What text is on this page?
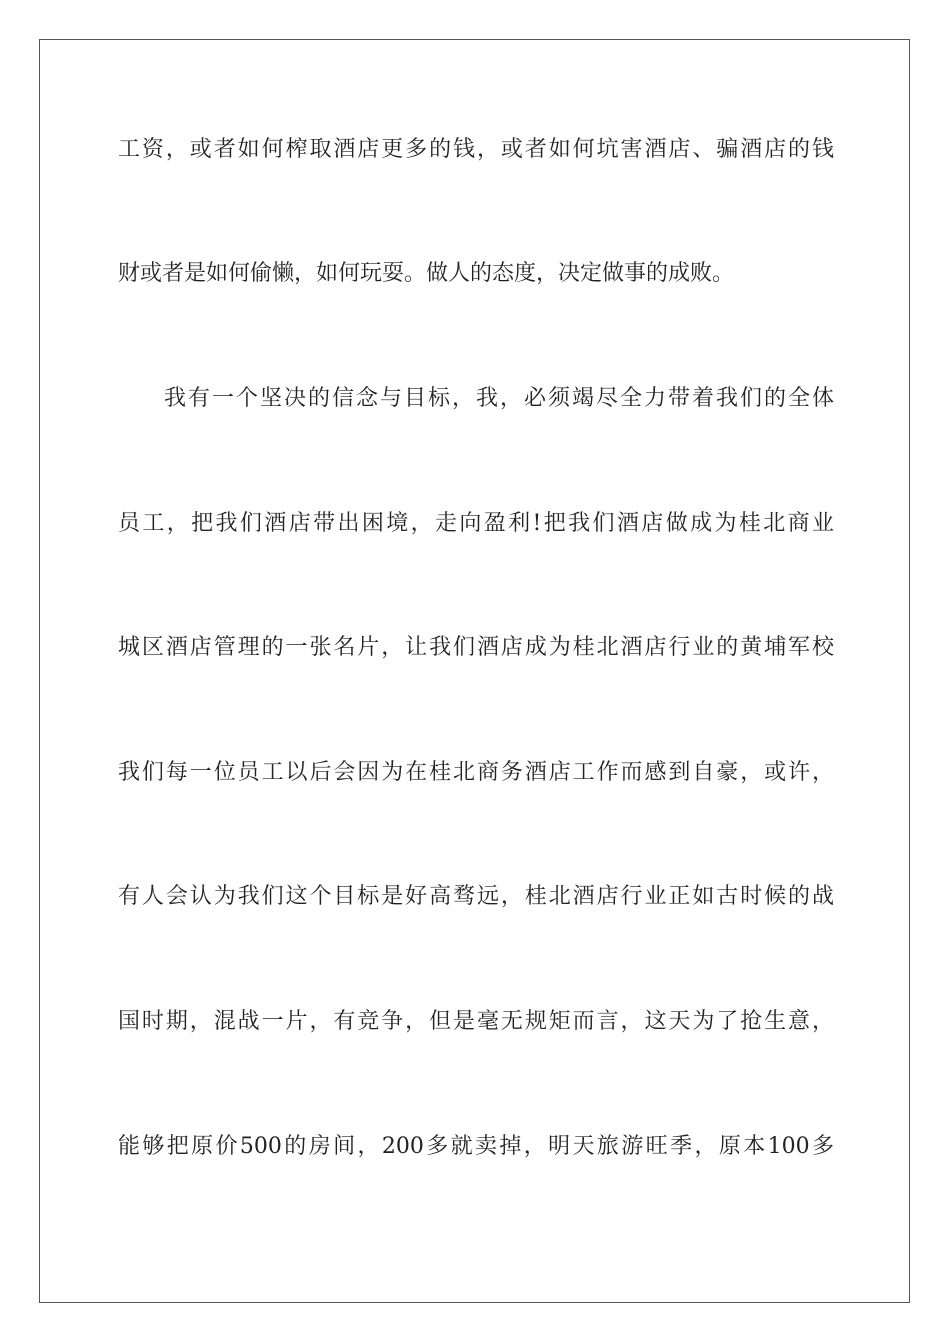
工资，或者如何榨取酒店更多的钱，或者如何坑害酒店、骗酒店的钱
财或者是如何偷懒，如何玩耍。做人的态度，决定做事的成败。
我有一个坚决的信念与目标，我，必须竭尽全力带着我们的全体
员工，把我们酒店带出困境，走向盈利!把我们酒店做成为桂北商业
城区酒店管理的一张名片，让我们酒店成为桂北酒店行业的黄埔军校
我们每一位员工以后会因为在桂北商务酒店工作而感到自豪，或许，
有人会认为我们这个目标是好高骛远，桂北酒店行业正如古时候的战
国时期，混战一片，有竞争，但是毫无规矩而言，这天为了抢生意，
能够把原价500的房间，200多就卖掉，明天旅游旺季，原本100多
